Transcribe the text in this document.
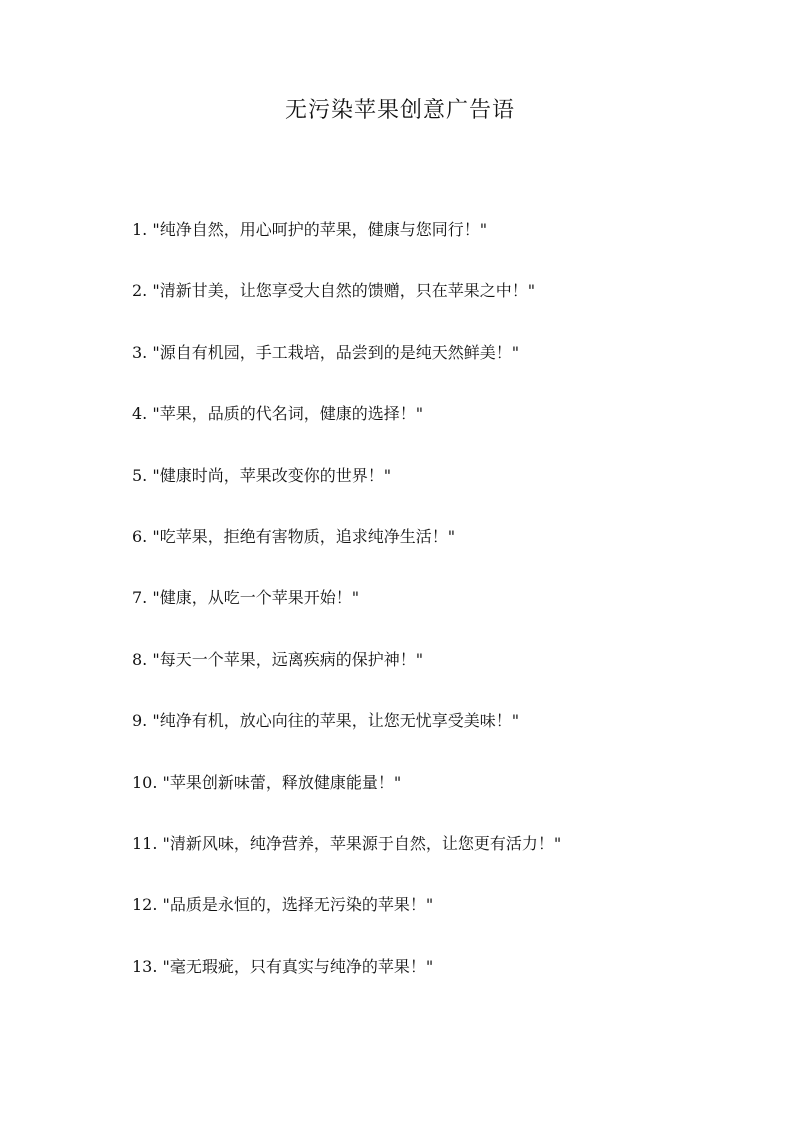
无污染苹果创意广告语
1. "纯净自然，用心呵护的苹果，健康与您同行！"
2. "清新甘美，让您享受大自然的馈赠，只在苹果之中！"
3. "源自有机园，手工栽培，品尝到的是纯天然鲜美！"
4. "苹果，品质的代名词，健康的选择！"
5. "健康时尚，苹果改变你的世界！"
6. "吃苹果，拒绝有害物质，追求纯净生活！"
7. "健康，从吃一个苹果开始！"
8. "每天一个苹果，远离疾病的保护神！"
9. "纯净有机，放心向往的苹果，让您无忧享受美味！"
10. "苹果创新味蕾，释放健康能量！"
11. "清新风味，纯净营养，苹果源于自然，让您更有活力！"
12. "品质是永恒的，选择无污染的苹果！"
13. "毫无瑕疵，只有真实与纯净的苹果！"
